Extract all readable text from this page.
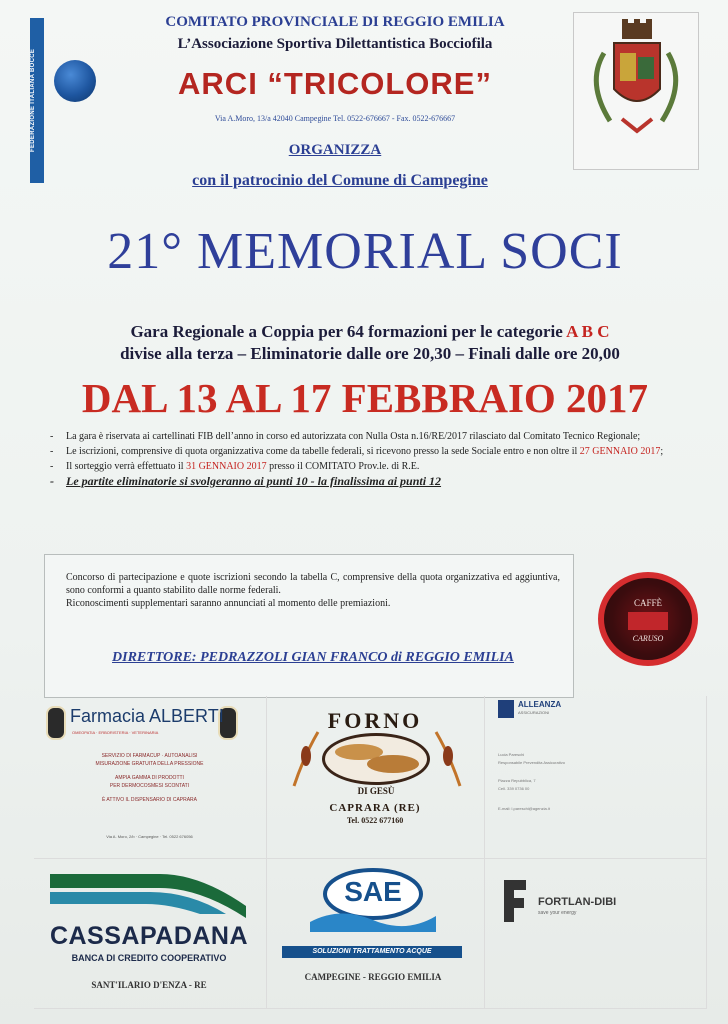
FEDERAZIONE ITALIANA BOCCE
COMITATO PROVINCIALE DI REGGIO EMILIA
L’Associazione Sportiva Dilettantistica Bocciofila
ARCI “TRICOLORE”
Via A.Moro, 13/a 42040 Campegine Tel. 0522-676667 - Fax. 0522-676667
ORGANIZZA
con il patrocinio del Comune di Campegine
21° MEMORIAL SOCI
Gara Regionale a Coppia per 64 formazioni per le categorie A B C
divise alla terza – Eliminatorie dalle ore 20,30 – Finali dalle ore 20,00
DAL 13 AL 17 FEBBRAIO 2017
- La gara è riservata ai cartellinati FIB dell’anno in corso ed autorizzata con Nulla Osta n.16/RE/2017 rilasciato dal Comitato Tecnico Regionale;
- Le iscrizioni, comprensive di quota organizzativa come da tabelle federali, si ricevono presso la sede Sociale entro e non oltre il 27 GENNAIO 2017;
- Il sorteggio verrà effettuato il 31 GENNAIO 2017 presso il COMITATO Prov.le. di R.E.
- Le partite eliminatorie si svolgeranno ai punti 10 - la finalissima ai punti 12
Concorso di partecipazione e quote iscrizioni secondo la tabella C, comprensive della quota organizzativa ed aggiuntiva, sono conformi a quanto stabilito dalle norme federali.
Riconoscimenti supplementari saranno annunciati al momento delle premiazioni.
DIRETTORE: PEDRAZZOLI GIAN FRANCO di REGGIO EMILIA
CAFFÈ
CARUSO
Farmacia ALBERTI
OMEOPATIA · ERBORISTERIA · VETERINARIA
SERVIZIO DI FARMACUP · AUTOANALISI
MISURAZIONE GRATUITA DELLA PRESSIONE
AMPIA GAMMA DI PRODOTTI
PER DERMOCOSMESI SCONTATI
È ATTIVO IL DISPENSARIO DI CAPRARA
Via A. Moro, 2/b · Campegine · Tel. 0522 676056
FORNO
DI GESÙ
CAPRARA (RE)
Tel. 0522 677160
ALLEANZA
ASSICURAZIONI
Lucia Pareschi
Responsabile Prevendita Assicurativo
Piazza Repubblica, 7
Cell. 339 0736 00
E-mail: l.pareschi@agenzia.it
CASSAPADANA
BANCA DI CREDITO COOPERATIVO
SANT'ILARIO D'ENZA - RE
SAE
SOLUZIONI TRATTAMENTO ACQUE
CAMPEGINE - REGGIO EMILIA
FORTLAN-DIBI
save your energy
